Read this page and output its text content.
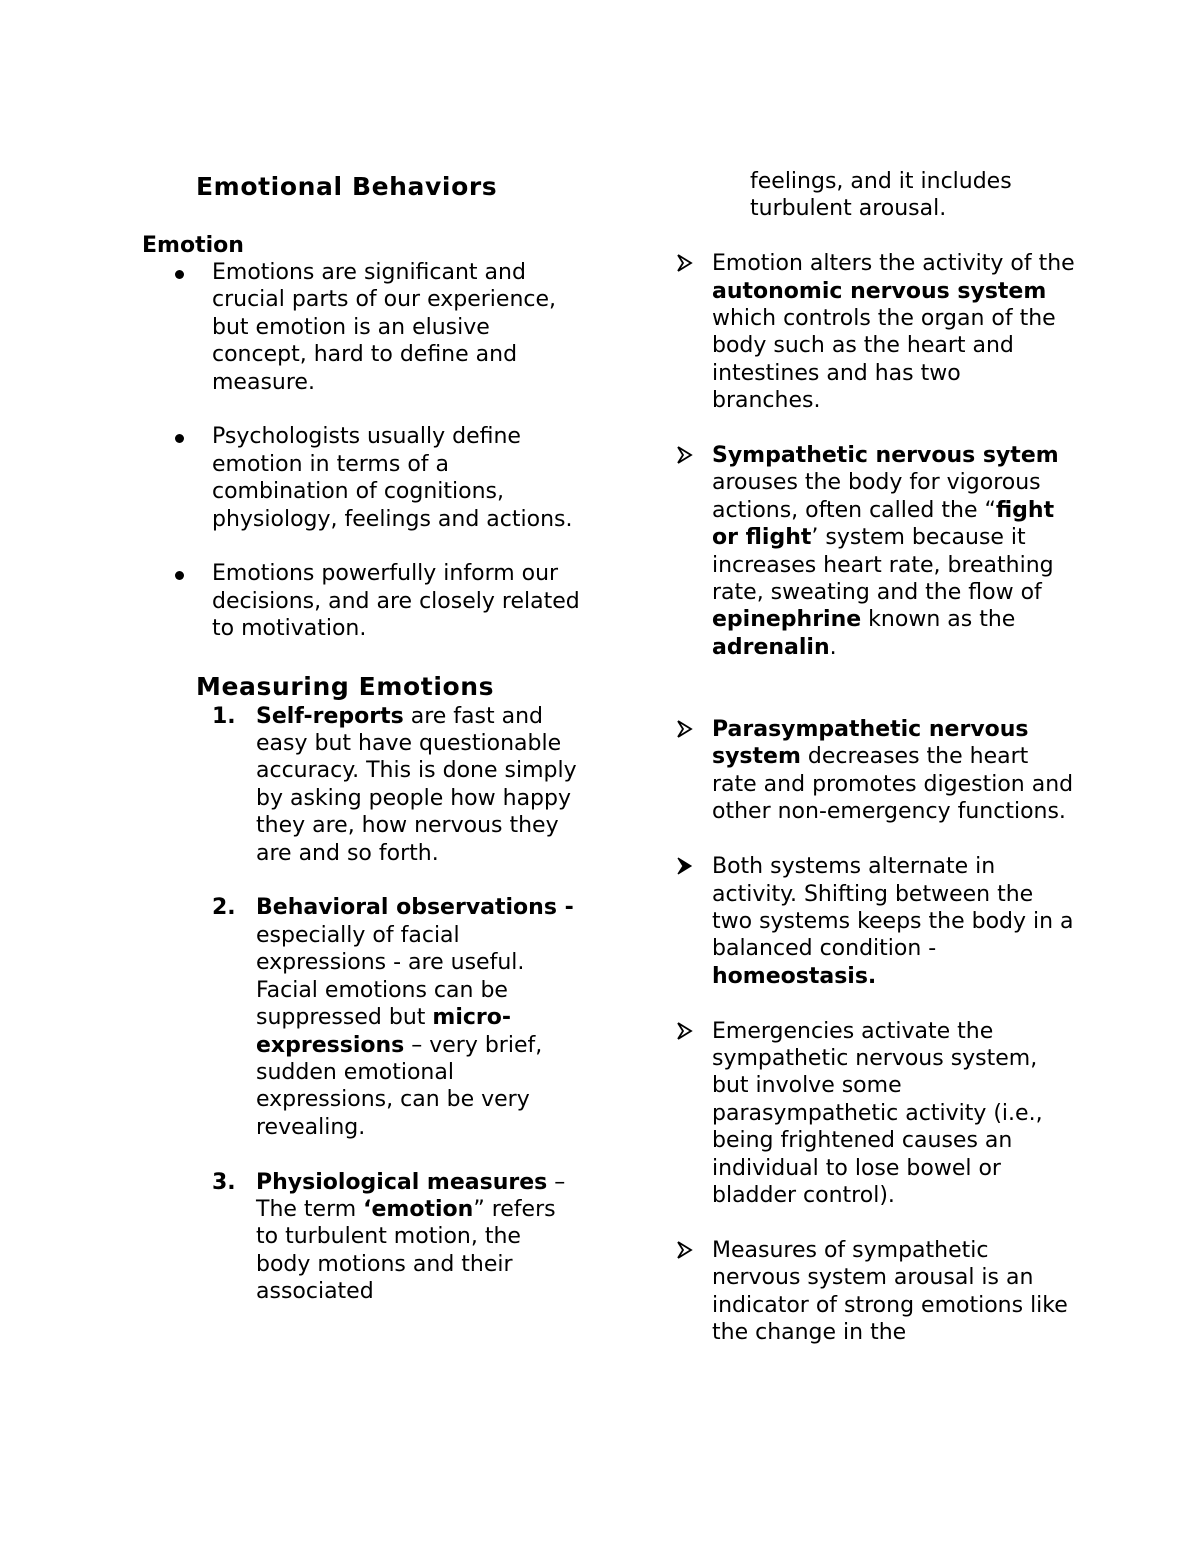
Emotional Behaviors
Emotion
Emotions are significant and crucial parts of our experience, but emotion is an elusive concept, hard to define and measure.
Psychologists usually define emotion in terms of a combination of cognitions, physiology, feelings and actions.
Emotions powerfully inform our decisions, and are closely related to motivation.
Measuring Emotions
1. Self-reports are fast and easy but have questionable accuracy. This is done simply by asking people how happy they are, how nervous they are and so forth.
2. Behavioral observations - especially of facial expressions - are useful. Facial emotions can be suppressed but micro-expressions – very brief, sudden emotional expressions, can be very revealing.
3. Physiological measures – The term ‘emotion” refers to turbulent motion, the body motions and their associated
feelings, and it includes turbulent arousal.
Emotion alters the activity of the autonomic nervous system which controls the organ of the body such as the heart and intestines and has two branches.
Sympathetic nervous sytem arouses the body for vigorous actions, often called the “fight or flight’ system because it increases heart rate, breathing rate, sweating and the flow of epinephrine known as the adrenalin.
Parasympathetic nervous system decreases the heart rate and promotes digestion and other non-emergency functions.
Both systems alternate in activity. Shifting between the two systems keeps the body in a balanced condition - homeostasis.
Emergencies activate the sympathetic nervous system, but involve some parasympathetic activity (i.e., being frightened causes an individual to lose bowel or bladder control).
Measures of sympathetic nervous system arousal is an indicator of strong emotions like the change in the
